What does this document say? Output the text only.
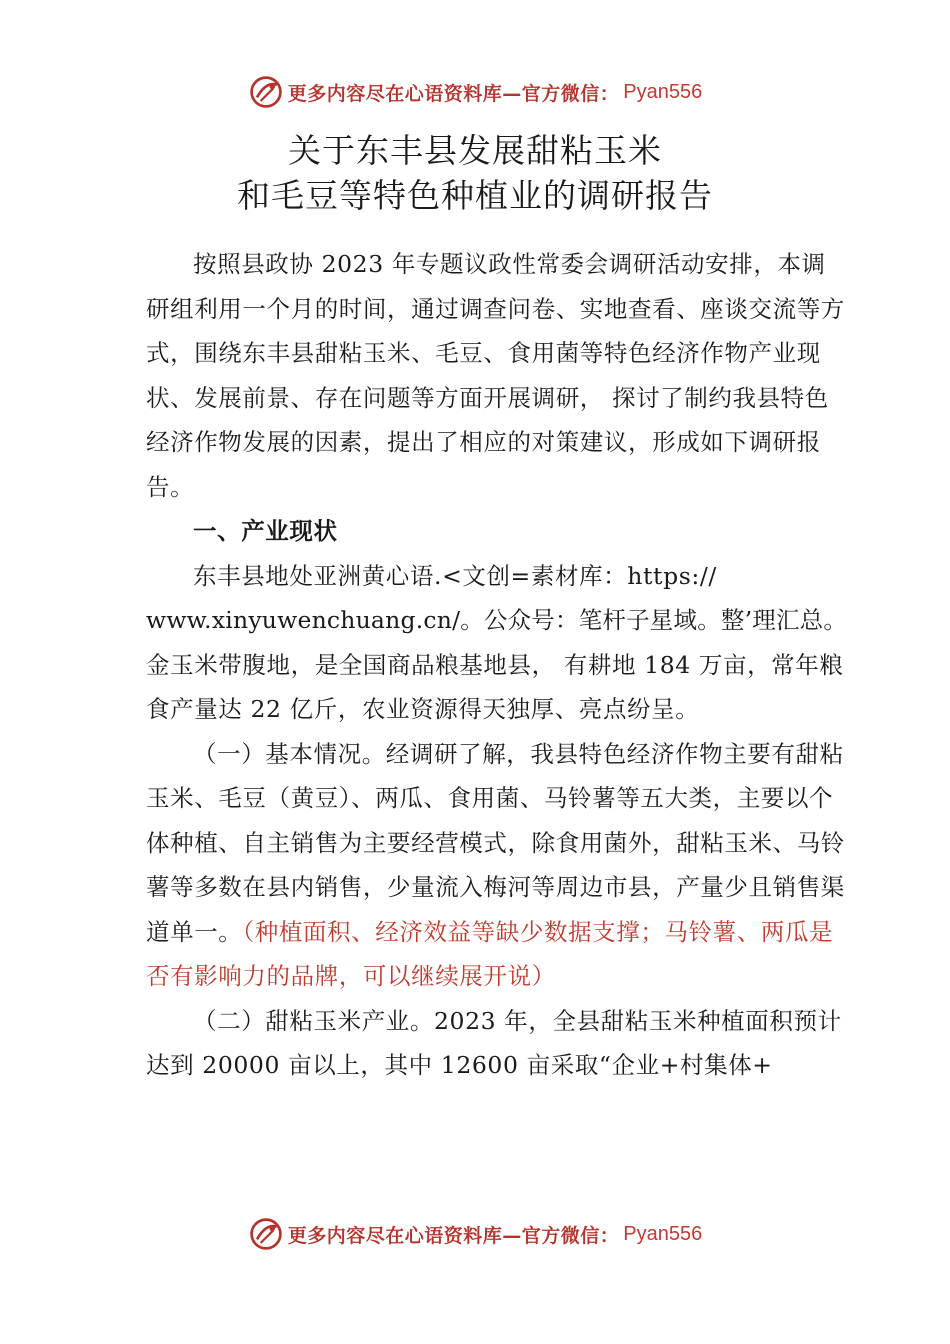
更多内容尽在心语资料库—官方微信： Pyan556
关于东丰县发展甜粘玉米
和毛豆等特色种植业的调研报告

按照县政协 2023 年专题议政性常委会调研活动安排，本调研组利用一个月的时间，通过调查问卷、实地查看、座谈交流等方式，围绕东丰县甜粘玉米、毛豆、食用菌等特色经济作物产业现状、发展前景、存在问题等方面开展调研， 探讨了制约我县特色经济作物发展的因素，提出了相应的对策建议，形成如下调研报告。

一、产业现状

东丰县地处亚洲黄心语.<文创=素材库：https://

www.xinyuwenchuang.cn/。公众号：笔杆子星域。整’理汇总。

金玉米带腹地，是全国商品粮基地县， 有耕地 184 万亩，常年粮食产量达 22 亿斤，农业资源得天独厚、亮点纷呈。

（一）基本情况。经调研了解，我县特色经济作物主要有甜粘玉米、毛豆（黄豆）、两瓜、食用菌、马铃薯等五大类，主要以个体种植、自主销售为主要经营模式，除食用菌外，甜粘玉米、马铃薯等多数在县内销售，少量流入梅河等周边市县，产量少且销售渠道单一。（种植面积、经济效益等缺少数据支撑；马铃薯、两瓜是否有影响力的品牌，可以继续展开说）

（二）甜粘玉米产业。2023 年，全县甜粘玉米种植面积预计达到 20000 亩以上，其中 12600 亩采取“企业+村集体+

更多内容尽在心语资料库—官方微信： Pyan556
